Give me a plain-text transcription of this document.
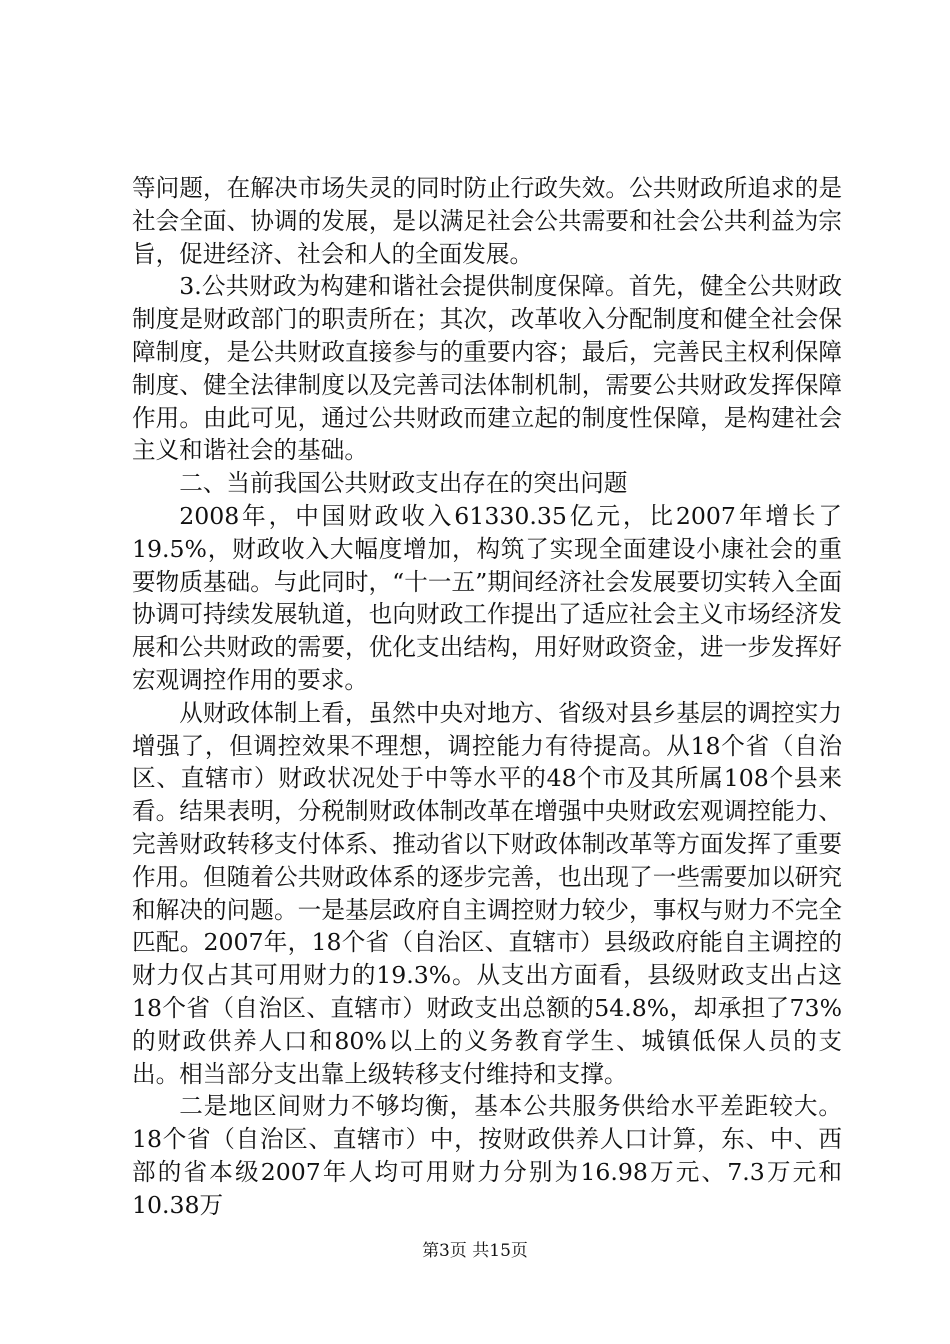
等问题，在解决市场失灵的同时防止行政失效。公共财政所追求的是社会全面、协调的发展，是以满足社会公共需要和社会公共利益为宗旨，促进经济、社会和人的全面发展。

3.公共财政为构建和谐社会提供制度保障。首先，健全公共财政制度是财政部门的职责所在；其次，改革收入分配制度和健全社会保障制度，是公共财政直接参与的重要内容；最后，完善民主权利保障制度、健全法律制度以及完善司法体制机制，需要公共财政发挥保障作用。由此可见，通过公共财政而建立起的制度性保障，是构建社会主义和谐社会的基础。

二、当前我国公共财政支出存在的突出问题

2008年，中国财政收入61330.35亿元，比2007年增长了19.5%，财政收入大幅度增加，构筑了实现全面建设小康社会的重要物质基础。与此同时，“十一五”期间经济社会发展要切实转入全面协调可持续发展轨道，也向财政工作提出了适应社会主义市场经济发展和公共财政的需要，优化支出结构，用好财政资金，进一步发挥好宏观调控作用的要求。

从财政体制上看，虽然中央对地方、省级对县乡基层的调控实力增强了，但调控效果不理想，调控能力有待提高。从18个省（自治区、直辖市）财政状况处于中等水平的48个市及其所属108个县来看。结果表明，分税制财政体制改革在增强中央财政宏观调控能力、完善财政转移支付体系、推动省以下财政体制改革等方面发挥了重要作用。但随着公共财政体系的逐步完善，也出现了一些需要加以研究和解决的问题。一是基层政府自主调控财力较少，事权与财力不完全匹配。2007年，18个省（自治区、直辖市）县级政府能自主调控的财力仅占其可用财力的19.3%。从支出方面看，县级财政支出占这18个省（自治区、直辖市）财政支出总额的54.8%，却承担了73%的财政供养人口和80%以上的义务教育学生、城镇低保人员的支出。相当部分支出靠上级转移支付维持和支撑。

二是地区间财力不够均衡，基本公共服务供给水平差距较大。18个省（自治区、直辖市）中，按财政供养人口计算，东、中、西部的省本级2007年人均可用财力分别为16.98万元、7.3万元和10.38万

第3页 共15页
